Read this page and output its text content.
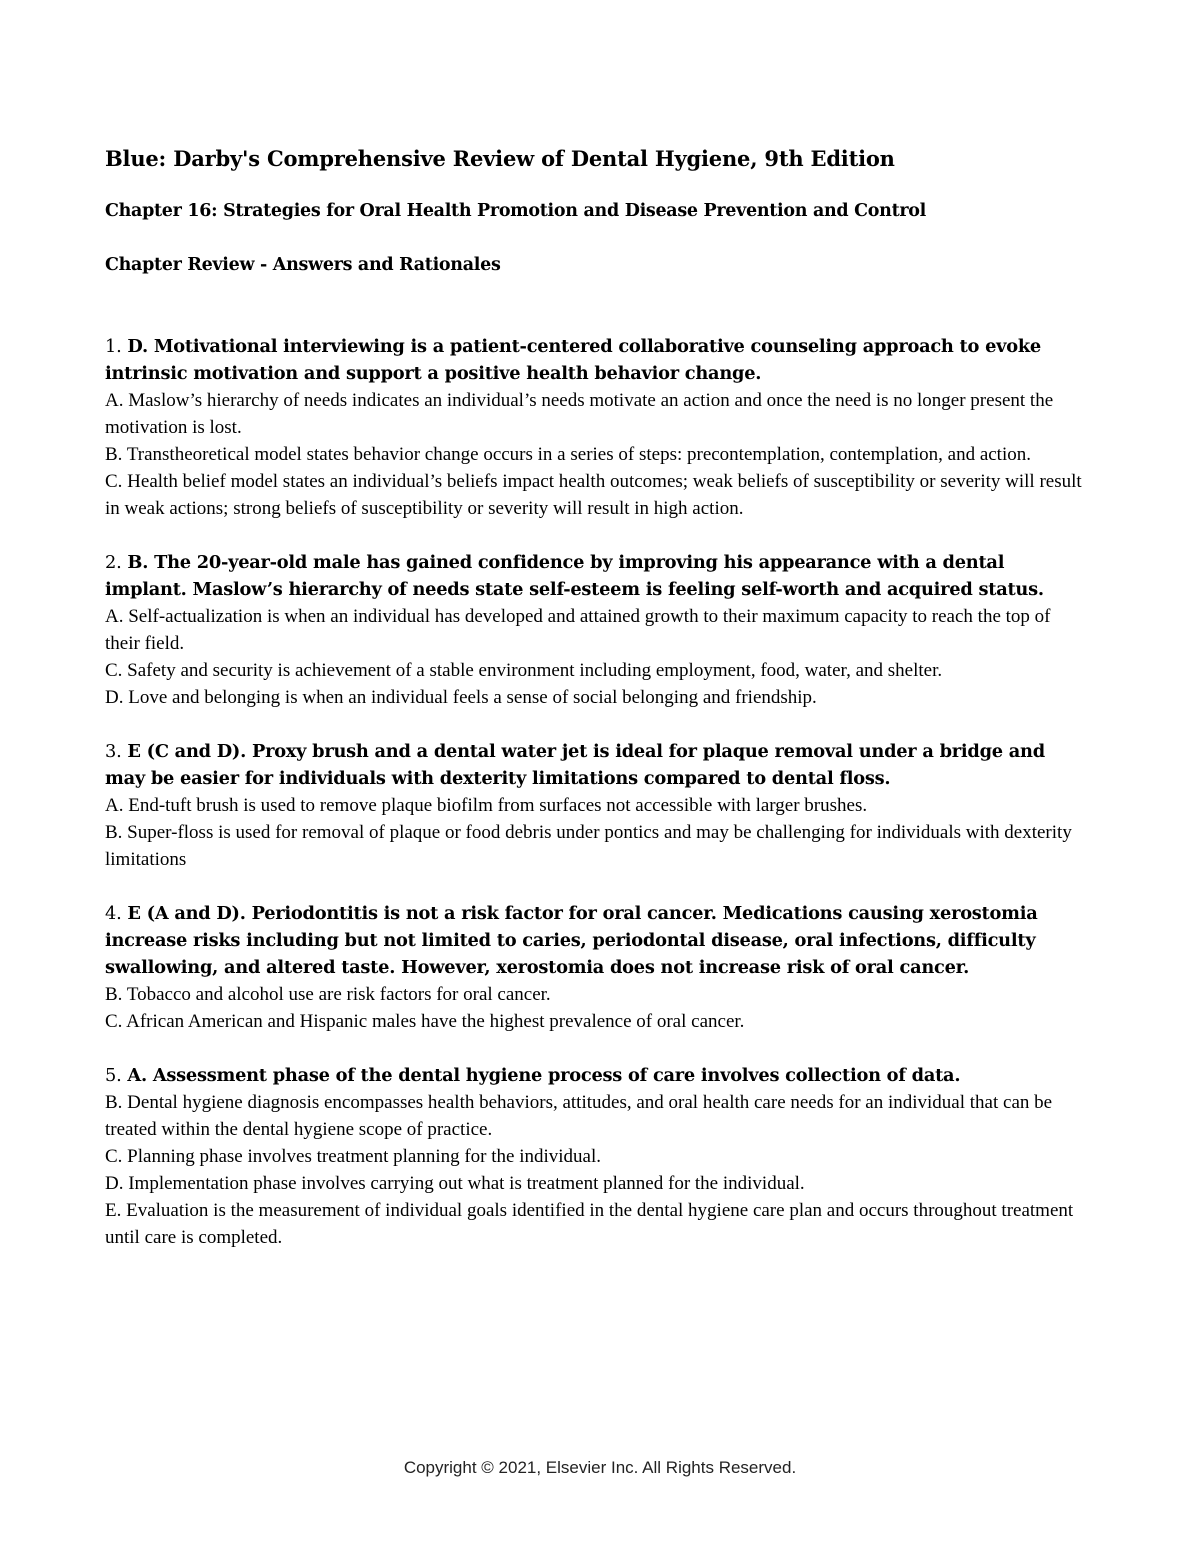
Blue: Darby's Comprehensive Review of Dental Hygiene, 9th Edition
Chapter 16: Strategies for Oral Health Promotion and Disease Prevention and Control
Chapter Review - Answers and Rationales
1. D. Motivational interviewing is a patient-centered collaborative counseling approach to evoke intrinsic motivation and support a positive health behavior change.
A. Maslow’s hierarchy of needs indicates an individual’s needs motivate an action and once the need is no longer present the motivation is lost.
B. Transtheoretical model states behavior change occurs in a series of steps: precontemplation, contemplation, and action.
C. Health belief model states an individual’s beliefs impact health outcomes; weak beliefs of susceptibility or severity will result in weak actions; strong beliefs of susceptibility or severity will result in high action.
2. B. The 20-year-old male has gained confidence by improving his appearance with a dental implant. Maslow’s hierarchy of needs state self-esteem is feeling self-worth and acquired status.
A. Self-actualization is when an individual has developed and attained growth to their maximum capacity to reach the top of their field.
C. Safety and security is achievement of a stable environment including employment, food, water, and shelter.
D. Love and belonging is when an individual feels a sense of social belonging and friendship.
3. E (C and D). Proxy brush and a dental water jet is ideal for plaque removal under a bridge and may be easier for individuals with dexterity limitations compared to dental floss.
A. End-tuft brush is used to remove plaque biofilm from surfaces not accessible with larger brushes.
B. Super-floss is used for removal of plaque or food debris under pontics and may be challenging for individuals with dexterity limitations
4. E (A and D). Periodontitis is not a risk factor for oral cancer. Medications causing xerostomia increase risks including but not limited to caries, periodontal disease, oral infections, difficulty swallowing, and altered taste. However, xerostomia does not increase risk of oral cancer.
B. Tobacco and alcohol use are risk factors for oral cancer.
C. African American and Hispanic males have the highest prevalence of oral cancer.
5. A. Assessment phase of the dental hygiene process of care involves collection of data.
B. Dental hygiene diagnosis encompasses health behaviors, attitudes, and oral health care needs for an individual that can be treated within the dental hygiene scope of practice.
C. Planning phase involves treatment planning for the individual.
D. Implementation phase involves carrying out what is treatment planned for the individual.
E. Evaluation is the measurement of individual goals identified in the dental hygiene care plan and occurs throughout treatment until care is completed.
Copyright © 2021, Elsevier Inc. All Rights Reserved.
